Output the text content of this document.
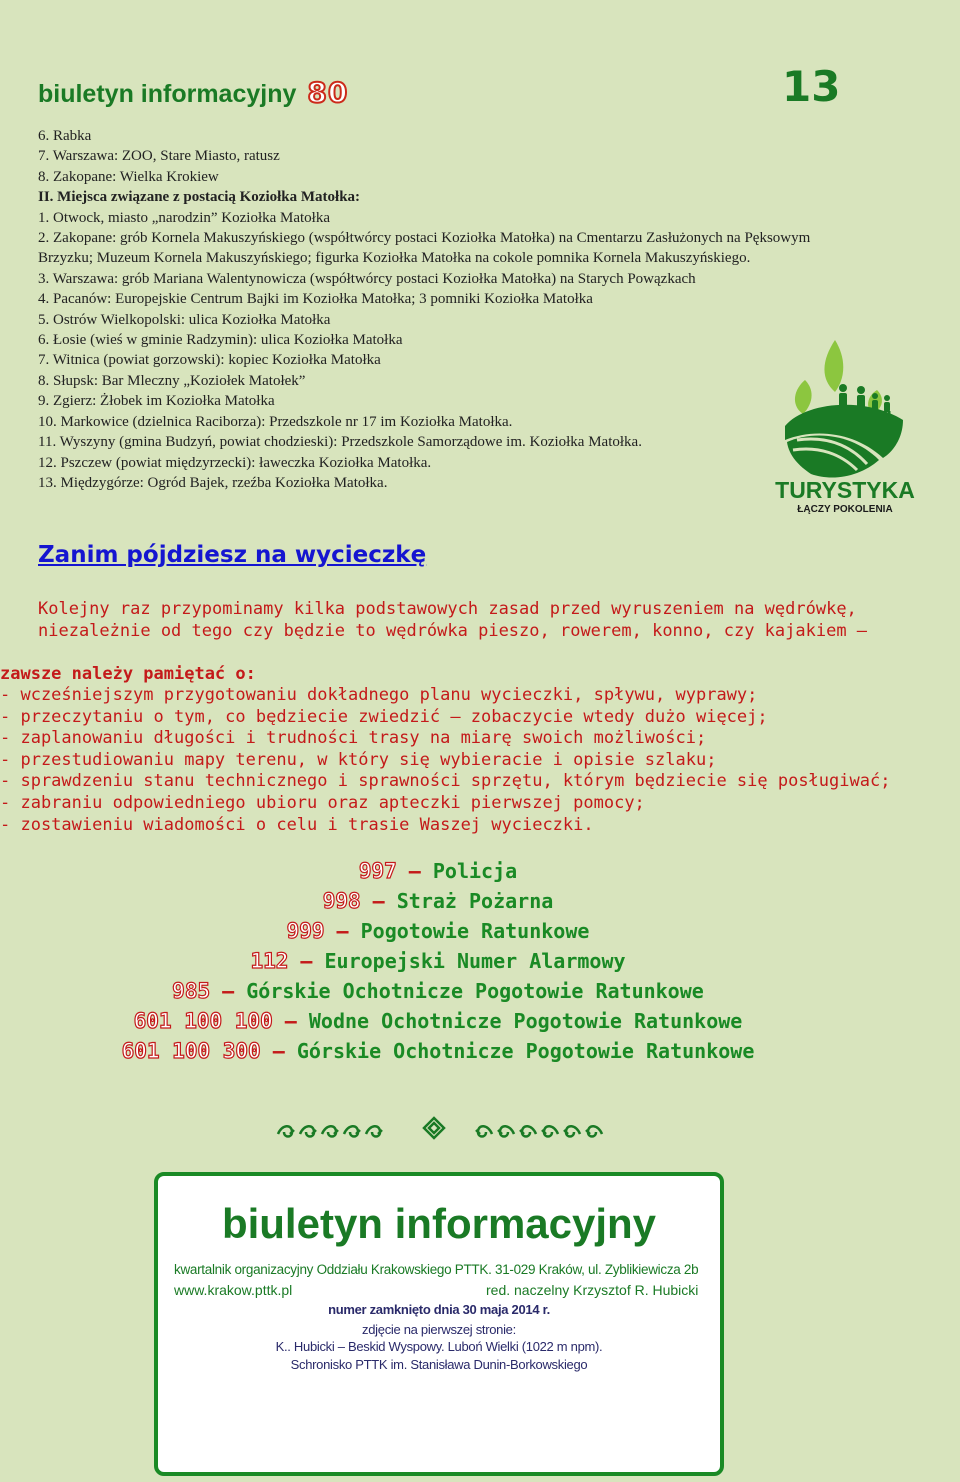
biuletyn informacyjny 80	13
6. Rabka
7. Warszawa: ZOO, Stare Miasto, ratusz
8. Zakopane: Wielka Krokiew
II. Miejsca związane z postacią Koziołka Matołka:
1. Otwock, miasto „narodzin” Koziołka Matołka
2. Zakopane: grób Kornela Makuszyńskiego (współtwórcy postaci Koziołka Matołka) na Cmentarzu Zasłużonych na Pęksowym Brzyzku; Muzeum Kornela Makuszyńskiego; figurka Koziołka Matołka na cokole pomnika Kornela Makuszyńskiego.
3. Warszawa: grób Mariana Walentynowicza (współtwórcy postaci Koziołka Matołka) na Starych Powązkach
4. Pacanów: Europejskie Centrum Bajki im Koziołka Matołka; 3 pomniki Koziołka Matołka
5. Ostrów Wielkopolski: ulica Koziołka Matołka
6. Łosie (wieś w gminie Radzymin): ulica Koziołka Matołka
7. Witnica (powiat gorzowski): kopiec Koziołka Matołka
8. Słupsk: Bar Mleczny „Koziołek Matołek”
9. Zgierz: Żłobek im Koziołka Matołka
10. Markowice (dzielnica Raciborza): Przedszkole nr 17 im Koziołka Matołka.
11. Wyszyny (gmina Budzyń, powiat chodzieski): Przedszkole Samorządowe im. Koziołka Matołka.
12. Pszczew (powiat międzyrzecki): ławeczka Koziołka Matołka.
13. Międzygórze: Ogród Bajek, rzeźba Koziołka Matołka.	TURYSTYKA
ŁĄCZY POKOLENIA
Zanim pójdziesz na wycieczkę
Kolejny raz przypominamy kilka podstawowych zasad przed wyruszeniem na wędrówkę,
niezależnie od tego czy będzie to wędrówka pieszo, rowerem, konno, czy kajakiem –
zawsze należy pamiętać o:
- wcześniejszym przygotowaniu dokładnego planu wycieczki, spływu, wyprawy;
- przeczytaniu o tym, co będziecie zwiedzić – zobaczycie wtedy dużo więcej;
- zaplanowaniu długości i trudności trasy na miarę swoich możliwości;
- przestudiowaniu mapy terenu, w który się wybieracie i opisie szlaku;
- sprawdzeniu stanu technicznego i sprawności sprzętu, którym będziecie się posługiwać;
- zabraniu odpowiedniego ubioru oraz apteczki pierwszej pomocy;
- zostawieniu wiadomości o celu i trasie Waszej wycieczki.
997 – Policja
998 – Straż Pożarna
999 – Pogotowie Ratunkowe
112 – Europejski Numer Alarmowy
985 – Górskie Ochotnicze Pogotowie Ratunkowe
601 100 100 – Wodne Ochotnicze Pogotowie Ratunkowe
601 100 300 – Górskie Ochotnicze Pogotowie Ratunkowe
biuletyn informacyjny
kwartalnik organizacyjny Oddziału Krakowskiego PTTK. 31-029 Kraków, ul. Zyblikiewicza 2b
www.krakow.pttk.pl	red. naczelny Krzysztof R. Hubicki
numer zamknięto dnia 30 maja 2014 r.
zdjęcie na pierwszej stronie:
K.. Hubicki – Beskid Wyspowy. Luboń Wielki (1022 m npm).
Schronisko PTTK im. Stanisława Dunin-Borkowskiego
